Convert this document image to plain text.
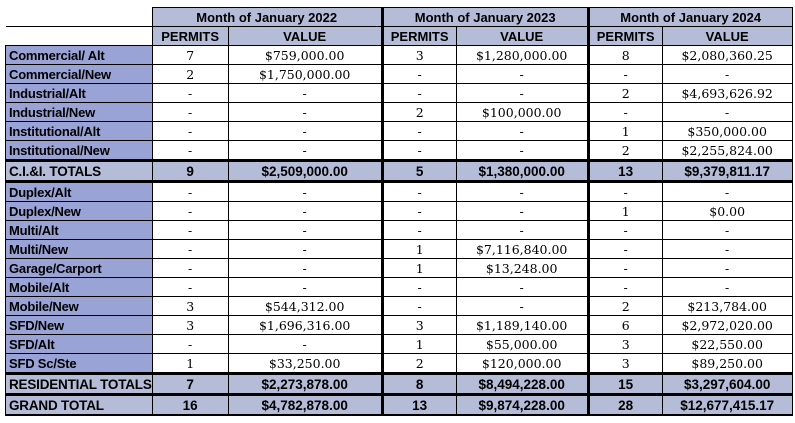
	Month of January 2022		Month of January 2023		Month of January 2024	
	PERMITS	VALUE	PERMITS	VALUE	PERMITS	VALUE
Commercial/ Alt	7	$759,000.00	3	$1,280,000.00	8	$2,080,360.25
Commercial/New	2	$1,750,000.00	-	-	-	-
Industrial/Alt	-	-	-	-	2	$4,693,626.92
Industrial/New	-	-	2	$100,000.00	-	-
Institutional/Alt	-	-	-	-	1	$350,000.00
Institutional/New	-	-	-	-	2	$2,255,824.00
C.I.&I. TOTALS	9	$2,509,000.00	5	$1,380,000.00	13	$9,379,811.17
Duplex/Alt	-	-	-	-	-	-
Duplex/New	-	-	-	-	1	$0.00
Multi/Alt	-	-	-	-	-	-
Multi/New	-	-	1	$7,116,840.00	-	-
Garage/Carport	-	-	1	$13,248.00	-	-
Mobile/Alt	-	-	-	-	-	-
Mobile/New	3	$544,312.00	-	-	2	$213,784.00
SFD/New	3	$1,696,316.00	3	$1,189,140.00	6	$2,972,020.00
SFD/Alt	-	-	1	$55,000.00	3	$22,550.00
SFD Sc/Ste	1	$33,250.00	2	$120,000.00	3	$89,250.00
RESIDENTIAL TOTALS	7	$2,273,878.00	8	$8,494,228.00	15	$3,297,604.00
GRAND TOTAL	16	$4,782,878.00	13	$9,874,228.00	28	$12,677,415.17
